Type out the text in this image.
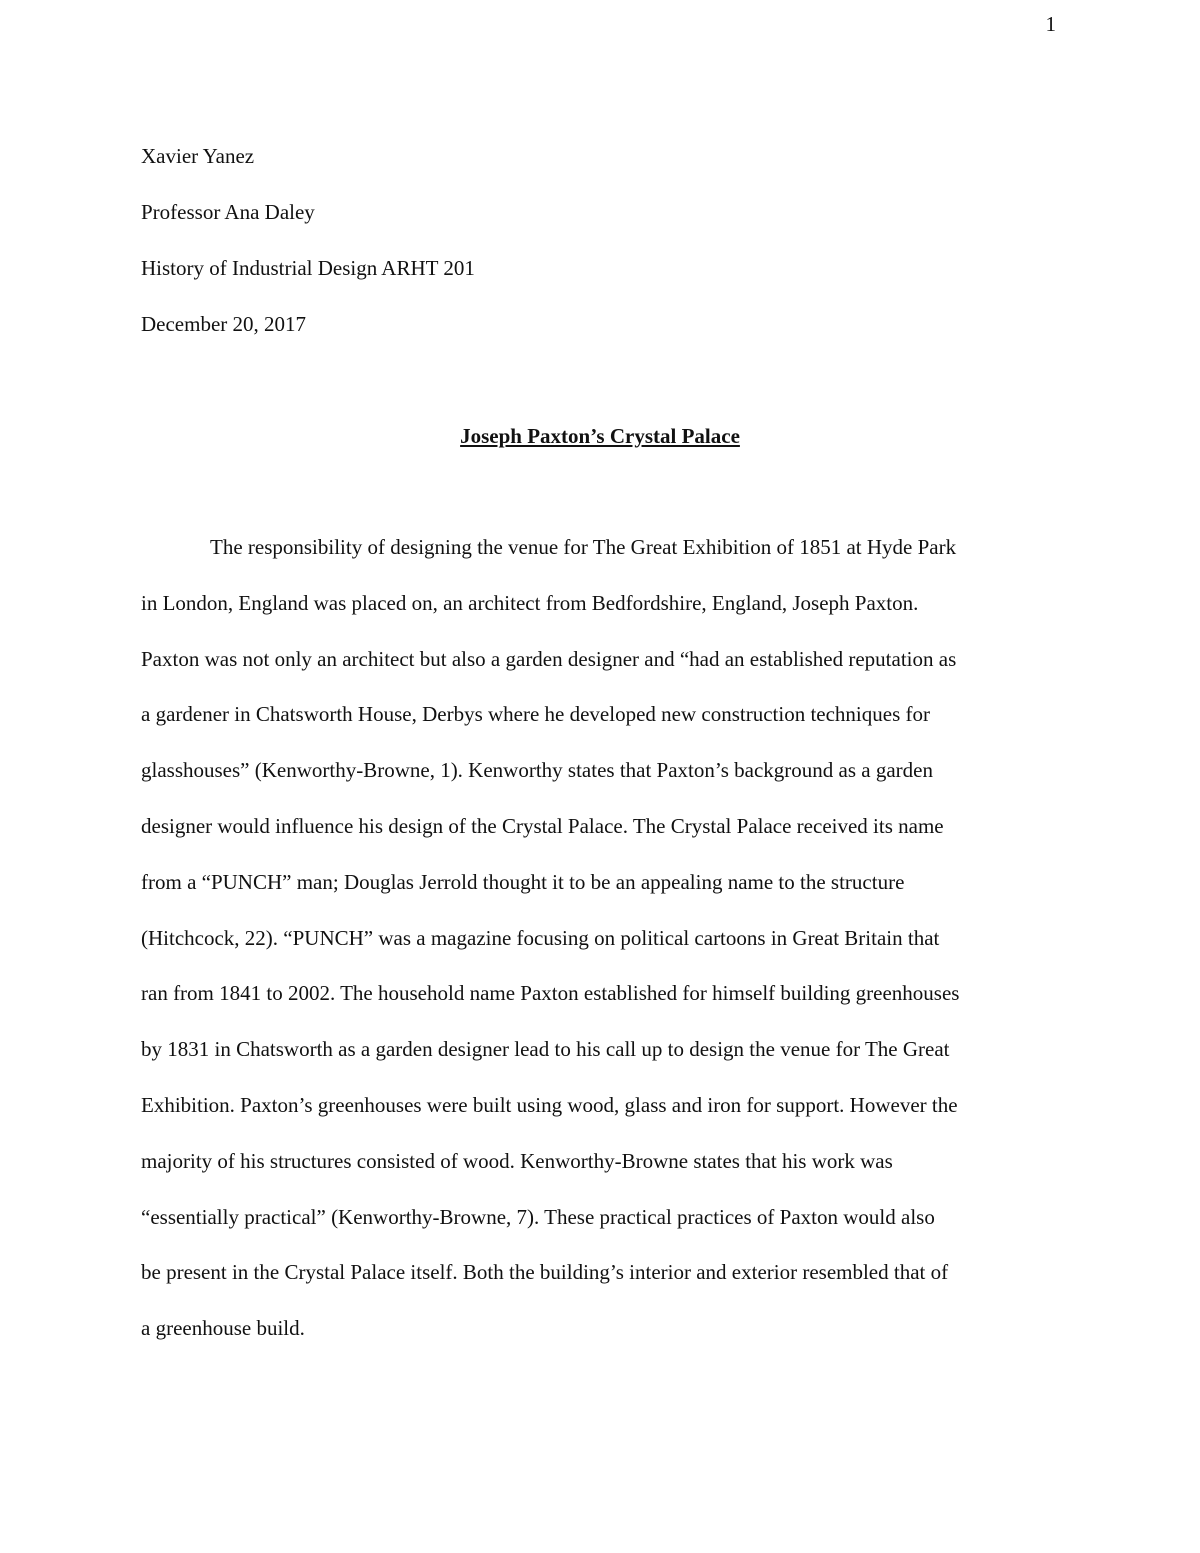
1
Xavier Yanez
Professor Ana Daley
History of Industrial Design ARHT 201
December 20, 2017
Joseph Paxton’s Crystal Palace
The responsibility of designing the venue for The Great Exhibition of 1851 at Hyde Park
in London, England was placed on, an architect from Bedfordshire, England, Joseph Paxton.
Paxton was not only an architect but also a garden designer and “had an established reputation as
a gardener in Chatsworth House, Derbys where he developed new construction techniques for
glasshouses” (Kenworthy-Browne, 1). Kenworthy states that Paxton’s background as a garden
designer would influence his design of the Crystal Palace. The Crystal Palace received its name
from a “PUNCH” man; Douglas Jerrold thought it to be an appealing name to the structure
(Hitchcock, 22). “PUNCH” was a magazine focusing on political cartoons in Great Britain that
ran from 1841 to 2002. The household name Paxton established for himself building greenhouses
by 1831 in Chatsworth as a garden designer lead to his call up to design the venue for The Great
Exhibition. Paxton’s greenhouses were built using wood, glass and iron for support. However the
majority of his structures consisted of wood. Kenworthy-Browne states that his work was
“essentially practical” (Kenworthy-Browne, 7). These practical practices of Paxton would also
be present in the Crystal Palace itself. Both the building’s interior and exterior resembled that of
a greenhouse build.
